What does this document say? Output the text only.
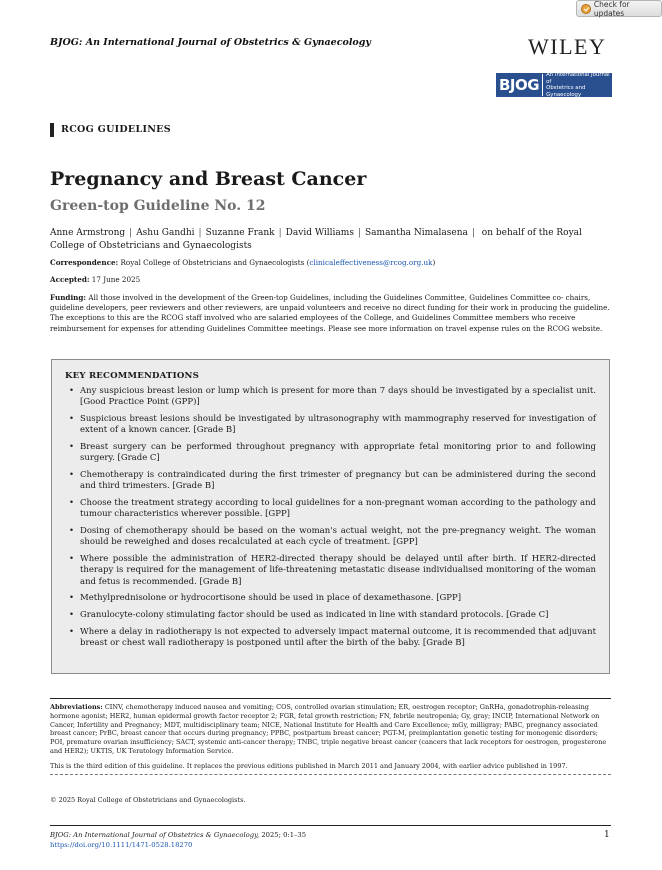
Check for updates
BJOG: An International Journal of Obstetrics & Gynaecology	WILEY
BJOG
An International Journal of
Obstetrics and Gynaecology
RCOG GUIDELINES
Pregnancy and Breast Cancer
Green-top Guideline No. 12
Anne Armstrong | Ashu Gandhi | Suzanne Frank | David Williams | Samantha Nimalasena | on behalf of the Royal College of Obstetricians and Gynaecologists
Correspondence: Royal College of Obstetricians and Gynaecologists (clinicaleffectiveness@rcog.org.uk)
Accepted: 17 June 2025
Funding: All those involved in the development of the Green-top Guidelines, including the Guidelines Committee, Guidelines Committee co- chairs, guideline developers, peer reviewers and other reviewers, are unpaid volunteers and receive no direct funding for their work in producing the guideline. The exceptions to this are the RCOG staff involved who are salaried employees of the College, and Guidelines Committee members who receive reimbursement for expenses for attending Guidelines Committee meetings. Please see more information on travel expense rules on the RCOG website.
KEY RECOMMENDATIONS
• Any suspicious breast lesion or lump which is present for more than 7 days should be investigated by a specialist unit. [Good Practice Point (GPP)]
• Suspicious breast lesions should be investigated by ultrasonography with mammography reserved for investigation of extent of a known cancer. [Grade B]
• Breast surgery can be performed throughout pregnancy with appropriate fetal monitoring prior to and following surgery. [Grade C]
• Chemotherapy is contraindicated during the first trimester of pregnancy but can be administered during the second and third trimesters. [Grade B]
• Choose the treatment strategy according to local guidelines for a non-pregnant woman according to the pathology and tumour characteristics wherever possible. [GPP]
• Dosing of chemotherapy should be based on the woman's actual weight, not the pre-pregnancy weight. The woman should be reweighed and doses recalculated at each cycle of treatment. [GPP]
• Where possible the administration of HER2-directed therapy should be delayed until after birth. If HER2-directed therapy is required for the management of life-threatening metastatic disease individualised monitoring of the woman and fetus is recommended. [Grade B]
• Methylprednisolone or hydrocortisone should be used in place of dexamethasone. [GPP]
• Granulocyte-colony stimulating factor should be used as indicated in line with standard protocols. [Grade C]
• Where a delay in radiotherapy is not expected to adversely impact maternal outcome, it is recommended that adjuvant breast or chest wall radiotherapy is postponed until after the birth of the baby. [Grade B]
Abbreviations: CINV, chemotherapy induced nausea and vomiting; COS, controlled ovarian stimulation; ER, oestrogen receptor; GnRHa, gonadotrophin-releasing hormone agonist; HER2, human epidermal growth factor receptor 2; FGR, fetal growth restriction; FN, febrile neutropenia; Gy, gray; INCIP, International Network on Cancer, Infertility and Pregnancy; MDT, multidisciplinary team; NICE, National Institute for Health and Care Excellence; mGy, milligray; PABC, pregnancy associated breast cancer; PrBC, breast cancer that occurs during pregnancy; PPBC, postpartum breast cancer; PGT-M, preimplantation genetic testing for monogenic disorders; POI, premature ovarian insufficiency; SACT, systemic anti-cancer therapy; TNBC, triple negative breast cancer (cancers that lack receptors for oestrogen, progesterone and HER2); UKTIS, UK Teratology Information Service.
This is the third edition of this guideline. It replaces the previous editions published in March 2011 and January 2004, with earlier advice published in 1997.
© 2025 Royal College of Obstetricians and Gynaecologists.
BJOG: An International Journal of Obstetrics & Gynaecology, 2025; 0:1–35
https://doi.org/10.1111/1471-0528.18270
1
